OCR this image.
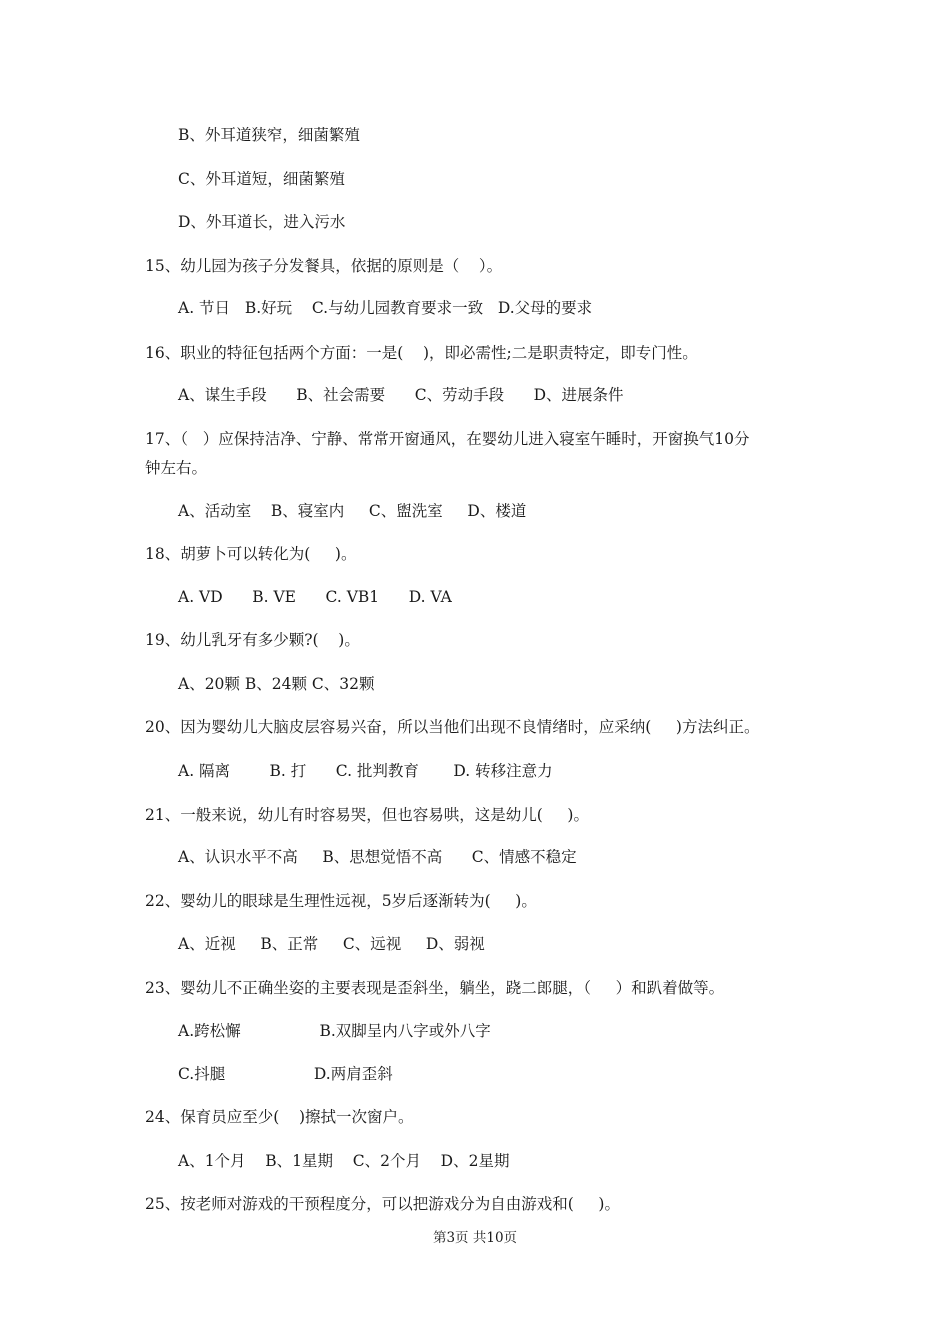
B、外耳道狭窄，细菌繁殖
C、外耳道短，细菌繁殖
D、外耳道长，进入污水
15、幼儿园为孩子分发餐具，依据的原则是（    ）。
A. 节日   B.好玩    C.与幼儿园教育要求一致   D.父母的要求
16、职业的特征包括两个方面：一是(    )，即必需性;二是职责特定，即专门性。
A、谋生手段      B、社会需要      C、劳动手段      D、进展条件
17、（   ）应保持洁净、宁静、常常开窗通风，在婴幼儿进入寝室午睡时，开窗换气10分
钟左右。
A、活动室    B、寝室内     C、盥洗室     D、楼道
18、胡萝卜可以转化为(     )。
A. VD      B. VE      C. VB1      D. VA
19、幼儿乳牙有多少颗?(    )。
A、20颗 B、24颗 C、32颗
20、因为婴幼儿大脑皮层容易兴奋，所以当他们出现不良情绪时，应采纳(     )方法纠正。
A. 隔离        B. 打      C. 批判教育       D. 转移注意力
21、一般来说，幼儿有时容易哭，但也容易哄，这是幼儿(     )。
A、认识水平不高     B、思想觉悟不高      C、情感不稳定
22、婴幼儿的眼球是生理性远视，5岁后逐渐转为(     )。
A、近视     B、正常     C、远视     D、弱视
23、婴幼儿不正确坐姿的主要表现是歪斜坐，躺坐，跷二郎腿，（     ）和趴着做等。
A.跨松懈                B.双脚呈内八字或外八字
C.抖腿                  D.两肩歪斜
24、保育员应至少(    )擦拭一次窗户。
A、1个月    B、1星期    C、2个月    D、2星期
25、按老师对游戏的干预程度分，可以把游戏分为自由游戏和(     )。
第3页 共10页
